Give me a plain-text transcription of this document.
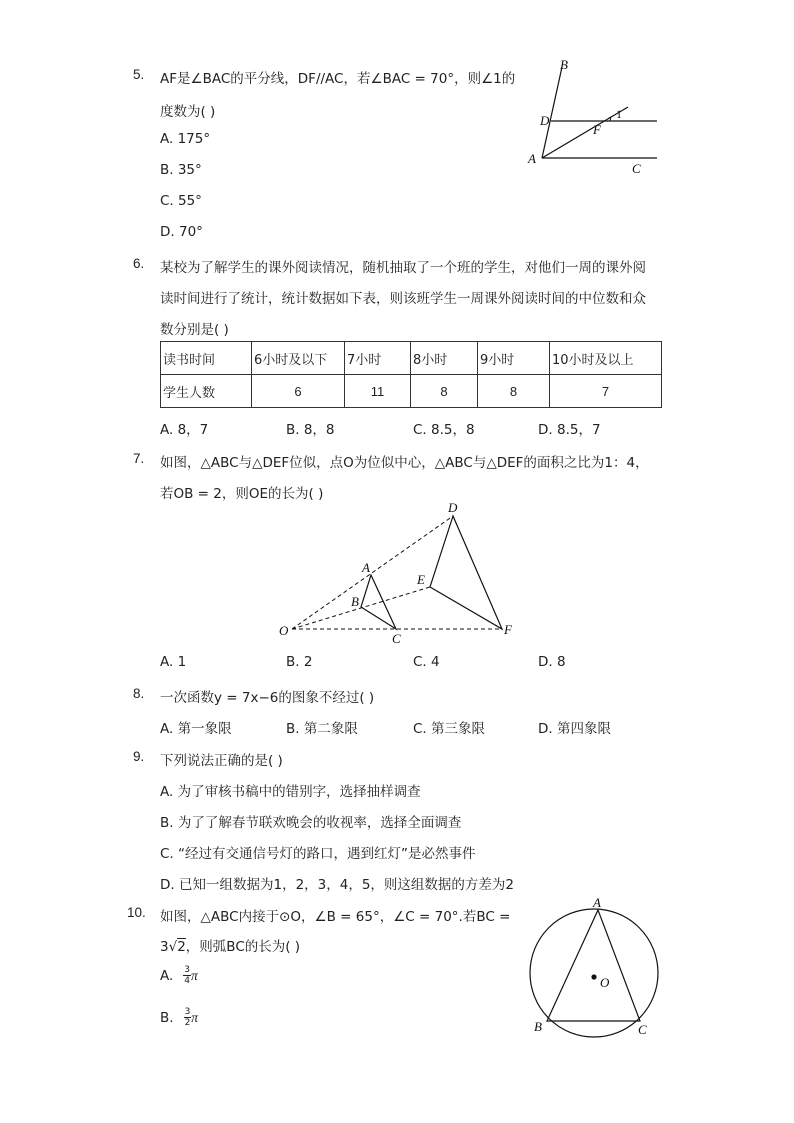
5. AF是∠BAC的平分线，DF//AC，若∠BAC = 70°，则∠1的
度数为( )
A. 175°
B. 35°
C. 55°
D. 70°
B
D
F
1
A
C
6. 某校为了解学生的课外阅读情况，随机抽取了一个班的学生，对他们一周的课外阅
读时间进行了统计，统计数据如下表，则该班学生一周课外阅读时间的中位数和众
数分别是( )
读书时间	6小时及以下	7小时	8小时	9小时	10小时及以上
学生人数	6	11	8	8	7
A. 8，7	B. 8，8	C. 8.5，8	D. 8.5，7
7. 如图，△ABC与△DEF位似，点O为位似中心，△ABC与△DEF的面积之比为1：4，
若OB = 2，则OE的长为( )
D
A
E
B
O
C
F
A. 1	B. 2	C. 4	D. 8
8. 一次函数y = 7x−6的图象不经过( )
A. 第一象限	B. 第二象限	C. 第三象限	D. 第四象限
9. 下列说法正确的是( )
A. 为了审核书稿中的错别字，选择抽样调查
B. 为了了解春节联欢晚会的收视率，选择全面调查
C. “经过有交通信号灯的路口，遇到红灯”是必然事件
D. 已知一组数据为1，2，3，4，5，则这组数据的方差为2
10. 如图，△ABC内接于⊙O，∠B = 65°，∠C = 70°.若BC =
3√2，则弧BC的长为( )
A. $\frac{3}{4}$ π
B. $\frac{3}{2}$ π
A
O
B	C
